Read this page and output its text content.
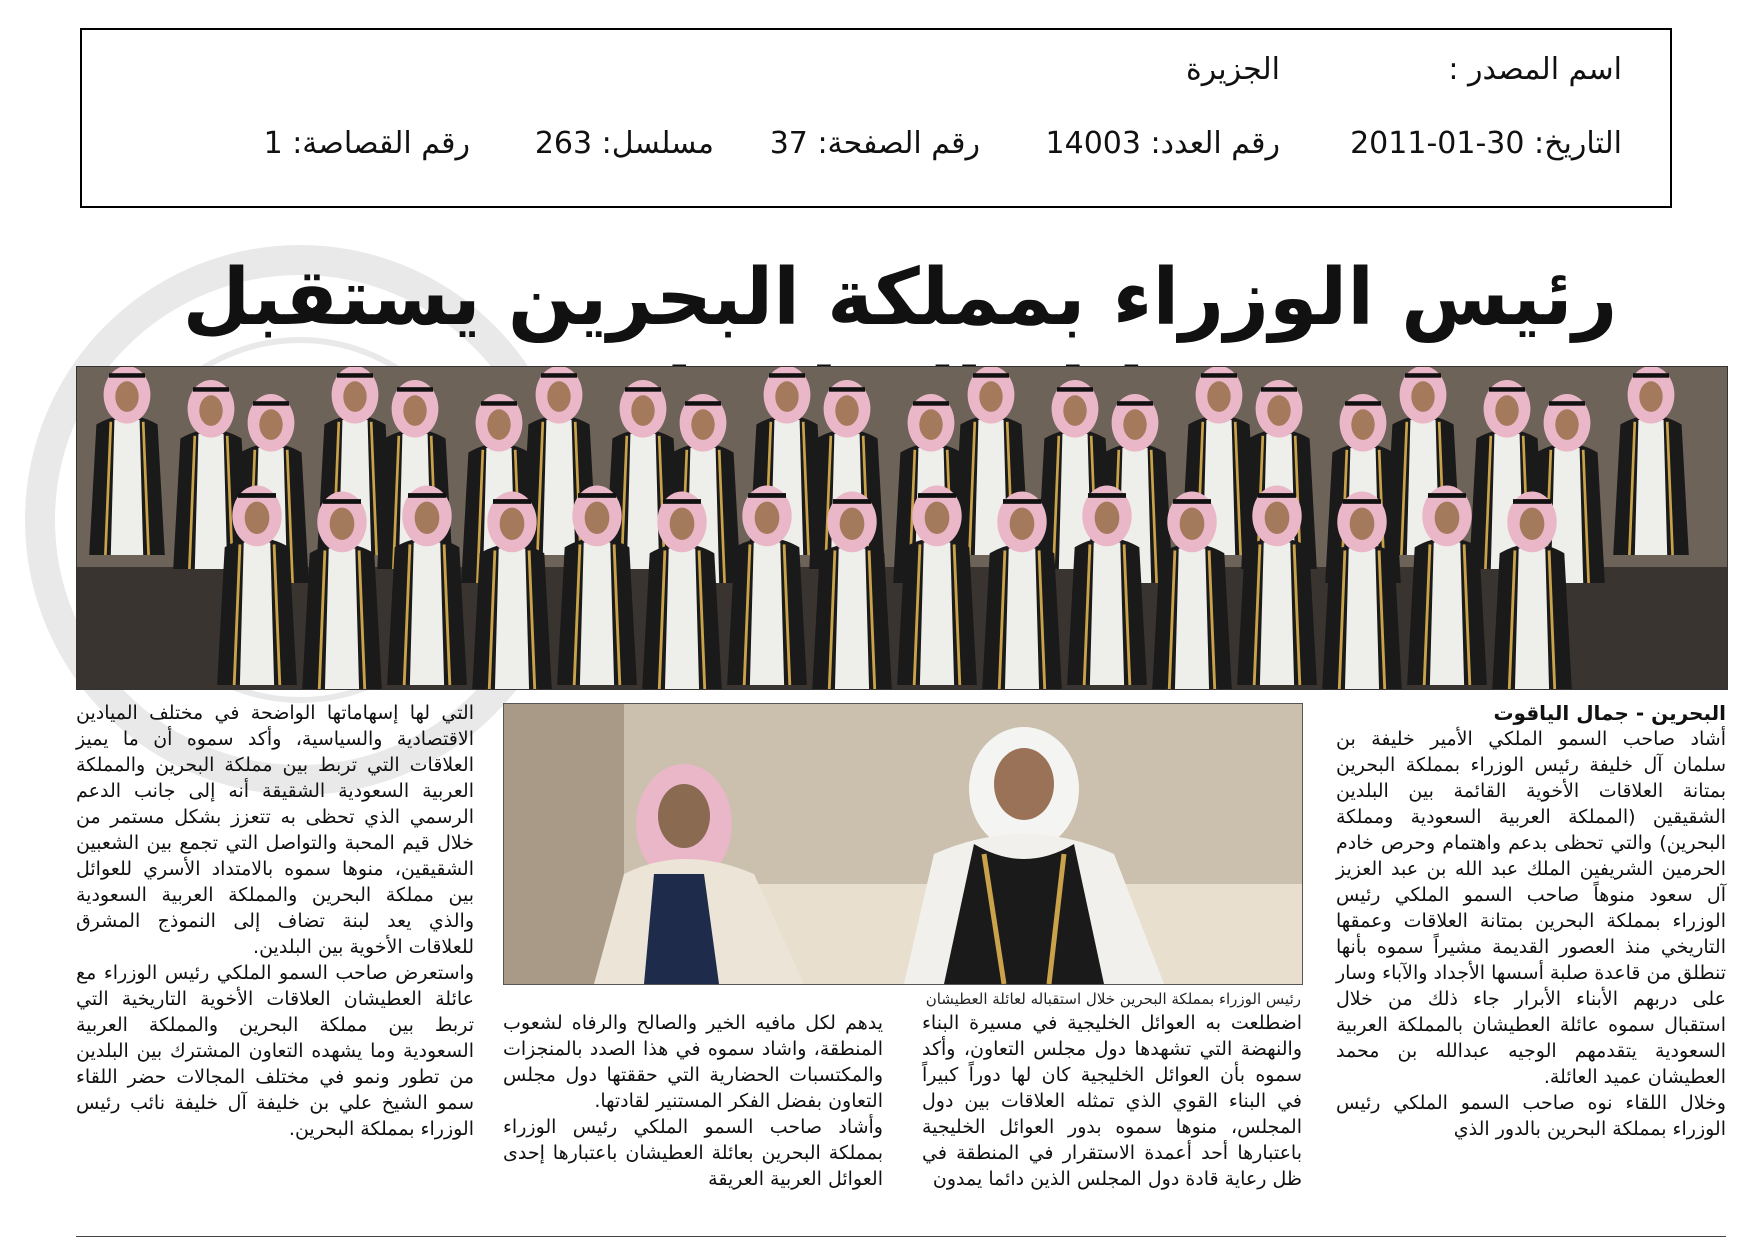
اسم المصدر :
الجزيرة
التاريخ: 30-01-2011
رقم العدد: 14003
رقم الصفحة: 37
مسلسل: 263
رقم القصاصة: 1
رئيس الوزراء بمملكة البحرين يستقبل
رئيس الوزراء بمملكة البحرين خلال استقباله لعائلة العطيشان

البحرين - جمال الياقوت

أشاد صاحب السمو الملكي الأمير خليفة بن سلمان آل خليفة رئيس الوزراء بمملكة البحرين بمتانة العلاقات الأخوية القائمة بين البلدين الشقيقين (المملكة العربية السعودية ومملكة البحرين) والتي تحظى بدعم واهتمام وحرص خادم الحرمين الشريفين الملك عبد الله بن عبد العزيز آل سعود منوهاً صاحب السمو الملكي رئيس الوزراء بمملكة البحرين بمتانة العلاقات وعمقها التاريخي منذ العصور القديمة مشيراً سموه بأنها تنطلق من قاعدة صلبة أسسها الأجداد والآباء وسار على دربهم الأبناء الأبرار جاء ذلك من خلال استقبال سموه عائلة العطيشان بالمملكة العربية السعودية يتقدمهم الوجيه عبدالله بن محمد العطيشان عميد العائلة.

وخلال اللقاء نوه صاحب السمو الملكي رئيس الوزراء بمملكة البحرين بالدور الذي

اضطلعت به العوائل الخليجية في مسيرة البناء والنهضة التي تشهدها دول مجلس التعاون، وأكد سموه بأن العوائل الخليجية كان لها دوراً كبيراً في البناء القوي الذي تمثله العلاقات بين دول المجلس، منوها سموه بدور العوائل الخليجية باعتبارها أحد أعمدة الاستقرار في المنطقة في ظل رعاية قادة دول المجلس الذين دائما يمدون

يدهم لكل مافيه الخير والصالح والرفاه لشعوب المنطقة، واشاد سموه في هذا الصدد بالمنجزات والمكتسبات الحضارية التي حققتها دول مجلس التعاون بفضل الفكر المستنير لقادتها.

وأشاد صاحب السمو الملكي رئيس الوزراء بمملكة البحرين بعائلة العطيشان باعتبارها إحدى العوائل العربية العريقة

التي لها إسهاماتها الواضحة في مختلف الميادين الاقتصادية والسياسية، وأكد سموه أن ما يميز العلاقات التي تربط بين مملكة البحرين والمملكة العربية السعودية الشقيقة أنه إلى جانب الدعم الرسمي الذي تحظى به تتعزز بشكل مستمر من خلال قيم المحبة والتواصل التي تجمع بين الشعبين الشقيقين، منوها سموه بالامتداد الأسري للعوائل بين مملكة البحرين والمملكة العربية السعودية والذي يعد لبنة تضاف إلى النموذج المشرق للعلاقات الأخوية بين البلدين.

واستعرض صاحب السمو الملكي رئيس الوزراء مع عائلة العطيشان العلاقات الأخوية التاريخية التي تربط بين مملكة البحرين والمملكة العربية السعودية وما يشهده التعاون المشترك بين البلدين من تطور ونمو في مختلف المجالات حضر اللقاء سمو الشيخ علي بن خليفة آل خليفة نائب رئيس الوزراء بمملكة البحرين.
